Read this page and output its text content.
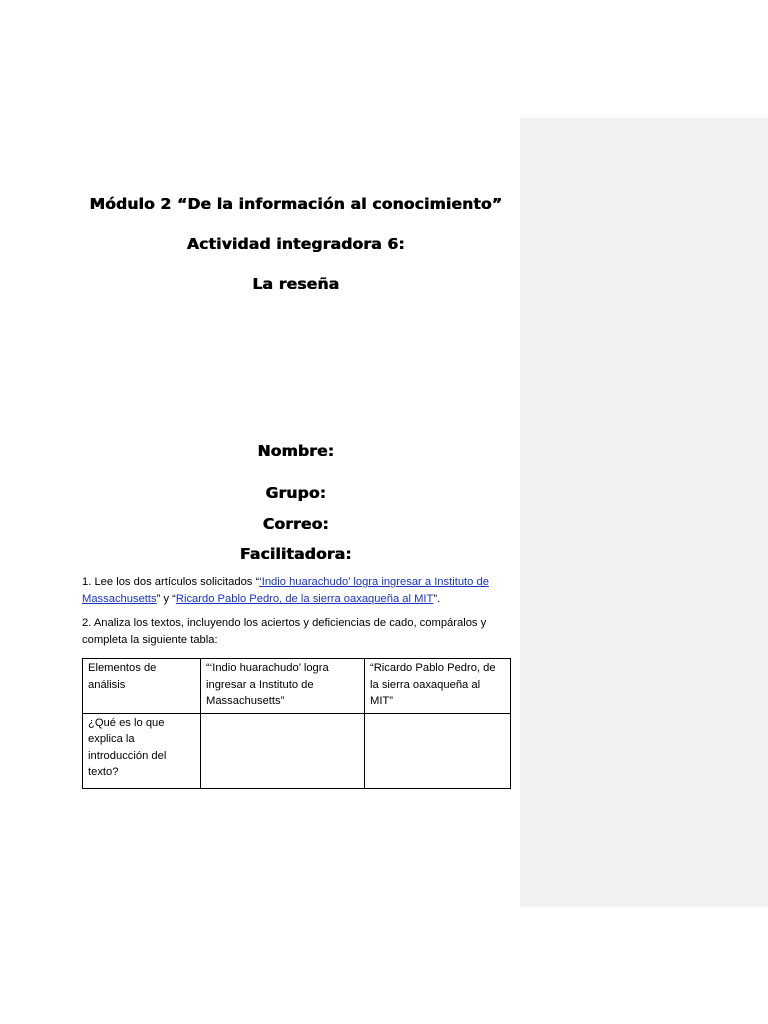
Módulo 2 “De la información al conocimiento”
Actividad integradora 6:
La reseña
Nombre:
Grupo:
Correo:
Facilitadora:
1. Lee los dos artículos solicitados “‘Indio huarachudo’ logra ingresar a Instituto de Massachusetts” y “Ricardo Pablo Pedro, de la sierra oaxaqueña al MIT”.
2. Analiza los textos, incluyendo los aciertos y deficiencias de cado, compáralos y completa la siguiente tabla:
Elementos de análisis	“‘Indio huarachudo’ logra ingresar a Instituto de Massachusetts”	“Ricardo Pablo Pedro, de la sierra oaxaqueña al MIT”
¿Qué es lo que explica la introducción del texto?		
